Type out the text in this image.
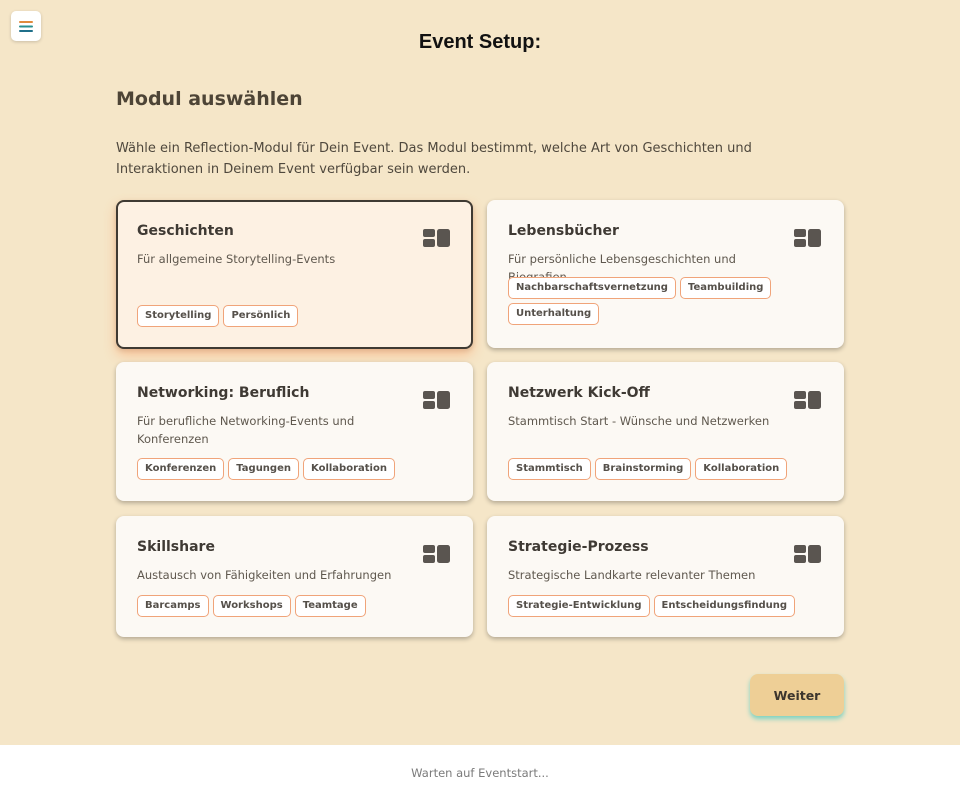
Event Setup:
Modul auswählen
Wähle ein Reflection-Modul für Dein Event. Das Modul bestimmt, welche Art von Geschichten und Interaktionen in Deinem Event verfügbar sein werden.
Geschichten
Für allgemeine Storytelling-Events
Storytelling	Persönlich
Lebensbücher
Für persönliche Lebensgeschichten und
Nachbarschaftsvernetzung	Teambuilding
Unterhaltung
Networking: Beruflich
Für berufliche Networking-Events und Konferenzen
Konferenzen	Tagungen	Kollaboration
Netzwerk Kick-Off
Stammtisch Start - Wünsche und Netzwerken
Stammtisch	Brainstorming	Kollaboration
Skillshare
Austausch von Fähigkeiten und Erfahrungen
Barcamps	Workshops	Teamtage
Strategie-Prozess
Strategische Landkarte relevanter Themen
Strategie-Entwicklung	Entscheidungsfindung
Weiter
Warten auf Eventstart...
